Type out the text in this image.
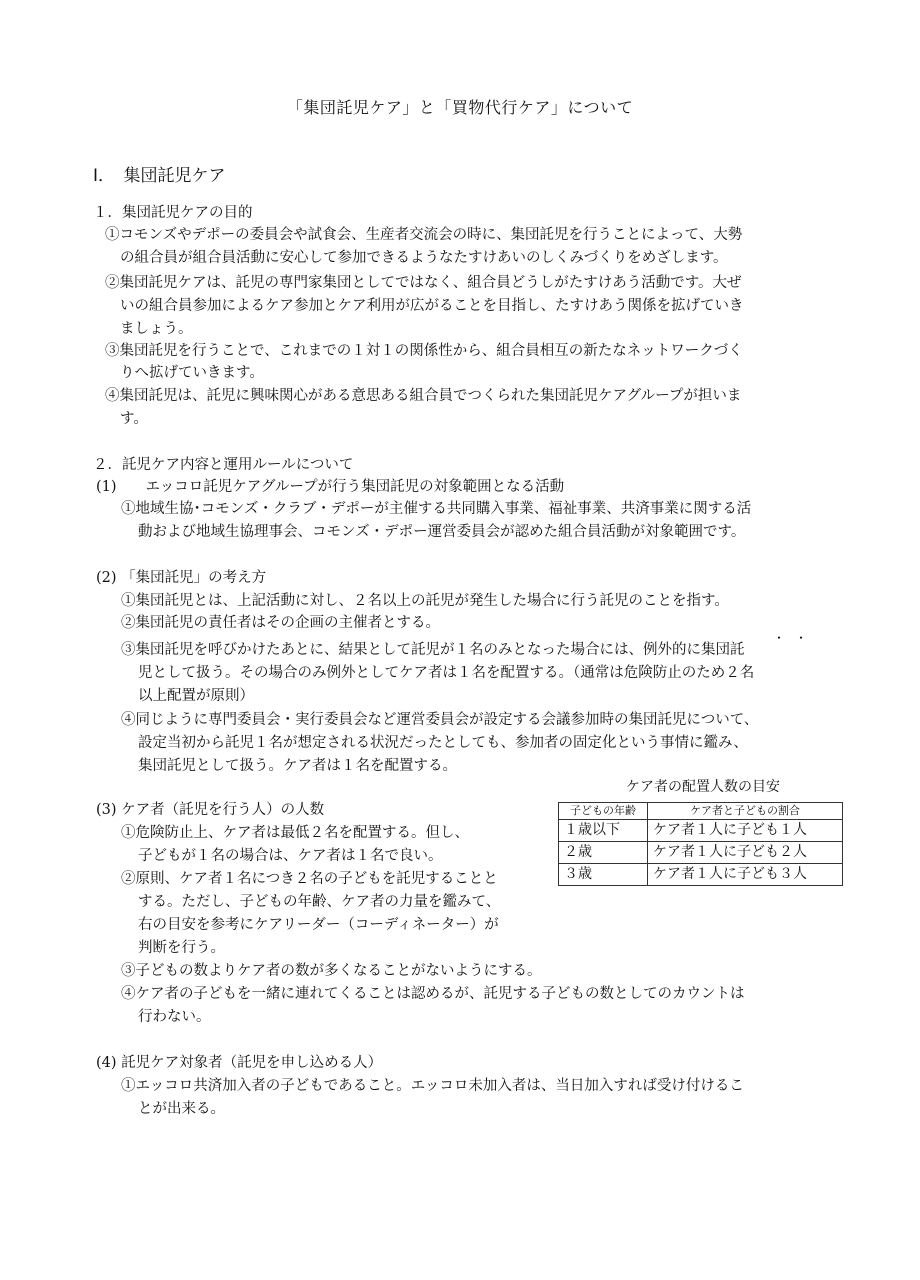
「集団託児ケア」と「買物代行ケア」について
Ⅰ．　集団託児ケア
１．集団託児ケアの目的
①コモンズやデポーの委員会や試食会、生産者交流会の時に、集団託児を行うことによって、大勢
の組合員が組合員活動に安心して参加できるようなたすけあいのしくみづくりをめざします。
②集団託児ケアは、託児の専門家集団としてではなく、組合員どうしがたすけあう活動です。大ぜ
いの組合員参加によるケア参加とケア利用が広がることを目指し、たすけあう関係を拡げていき
ましょう。
③集団託児を行うことで、これまでの１対１の関係性から、組合員相互の新たなネットワークづく
りへ拡げていきます。
④集団託児は、託児に興味関心がある意思ある組合員でつくられた集団託児ケアグループが担いま
す。
２．託児ケア内容と運用ルールについて
(1)　　エッコロ託児ケアグループが行う集団託児の対象範囲となる活動
①地域生協･コモンズ・クラブ・デポーが主催する共同購入事業、福祉事業、共済事業に関する活
動および地域生協理事会、コモンズ・デポー運営委員会が認めた組合員活動が対象範囲です。
(2) 「集団託児」の考え方
①集団託児とは、上記活動に対し、２名以上の託児が発生した場合に行う託児のことを指す。
②集団託児の責任者はその企画の主催者とする。
・・
③集団託児を呼びかけたあとに、結果として託児が１名のみとなった場合には、例外的に集団託
児として扱う。その場合のみ例外としてケア者は１名を配置する。（通常は危険防止のため２名
以上配置が原則）
④同じように専門委員会・実行委員会など運営委員会が設定する会議参加時の集団託児について、
設定当初から託児１名が想定される状況だったとしても、参加者の固定化という事情に鑑み、
集団託児として扱う。ケア者は１名を配置する。
(3) ケア者（託児を行う人）の人数
①危険防止上、ケア者は最低２名を配置する。但し、
子どもが１名の場合は、ケア者は１名で良い。
②原則、ケア者１名につき２名の子どもを託児することと
する。ただし、子どもの年齢、ケア者の力量を鑑みて、
右の目安を参考にケアリーダー（コーディネーター）が
判断を行う。
③子どもの数よりケア者の数が多くなることがないようにする。
④ケア者の子どもを一緒に連れてくることは認めるが、託児する子どもの数としてのカウントは
行わない。
ケア者の配置人数の目安
子どもの年齢	ケア者と子どもの割合
１歳以下	ケア者１人に子ども１人
２歳	ケア者１人に子ども２人
３歳	ケア者１人に子ども３人
(4) 託児ケア対象者（託児を申し込める人）
①エッコロ共済加入者の子どもであること。エッコロ未加入者は、当日加入すれば受け付けるこ
とが出来る。
